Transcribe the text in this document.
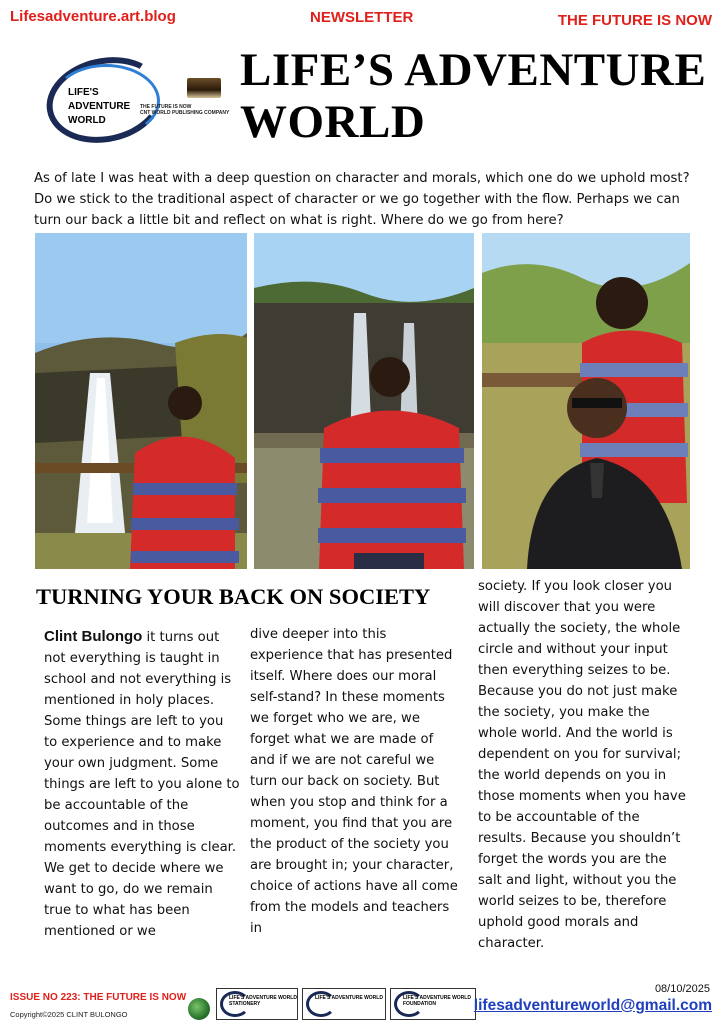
Lifesadventure.art.blog	NEWSLETTER	THE FUTURE IS NOW
LIFE'S ADVENTURE WORLD
THE FUTURE IS NOW
CNT WORLD PUBLISHING COMPANY
LIFE’S ADVENTURE
WORLD

As of late I was heat with a deep question on character and morals, which one do we uphold most? Do we stick to the traditional aspect of character or we go together with the flow. Perhaps we can turn our back a little bit and reflect on what is right. Where do we go from here?

TURNING YOUR BACK ON SOCIETY
Clint Bulongo it turns out not everything is taught in school and not everything is mentioned in holy places. Some things are left to you to experience and to make your own judgment. Some things are left to you alone to be accountable of the outcomes and in those moments everything is clear. We get to decide where we want to go, do we remain true to what has been mentioned or we
dive deeper into this experience that has presented itself. Where does our moral self-stand? In these moments we forget who we are, we forget what we are made of and if we are not careful we turn our back on society. But when you stop and think for a moment, you find that you are the product of the society you are brought in; your character, choice of actions have all come from the models and teachers in
society. If you look closer you will discover that you were actually the society, the whole circle and without your input then everything seizes to be. Because you do not just make the society, you make the whole world. And the world is dependent on you for survival; the world depends on you in those moments when you have to be accountable of the results. Because you shouldn’t forget the words you are the salt and light, without you the world seizes to be, therefore uphold good morals and character.
ISSUE NO 223: THE FUTURE IS NOW
Copyright©2025 CLINT BULONGO
LIFE'S ADVENTURE WORLD STATIONERY
LIFE'S ADVENTURE WORLD	LIFE'S ADVENTURE WORLD FOUNDATION
08/10/2025
lifesadventureworld@gmail.com
